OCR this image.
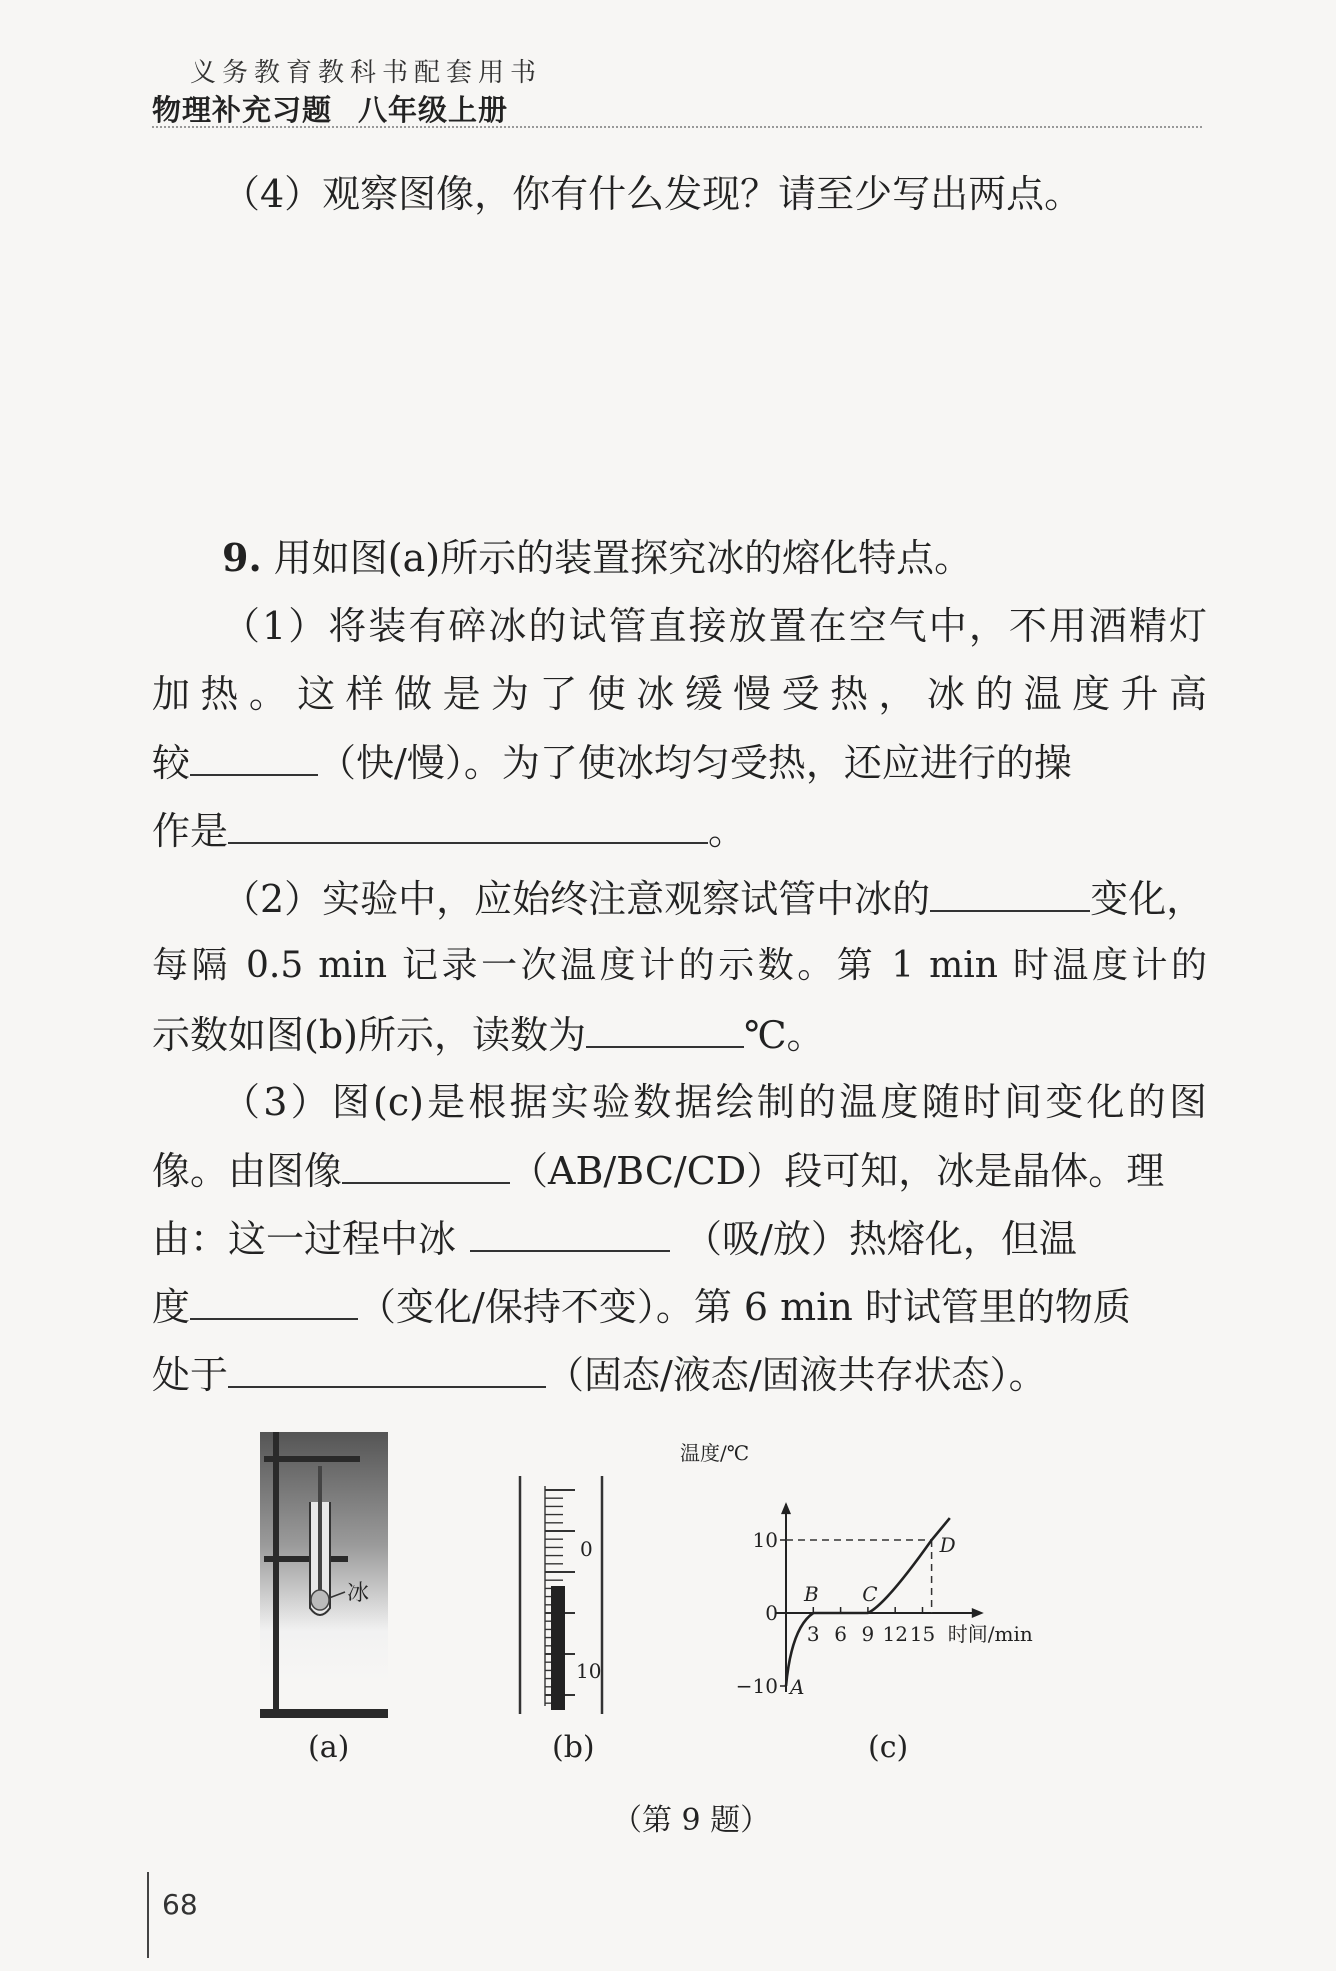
义务教育教科书配套用书
物理补充习题 八年级上册
（4）观察图像，你有什么发现？请至少写出两点。
9. 用如图(a)所示的装置探究冰的熔化特点。
（1）将装有碎冰的试管直接放置在空气中，不用酒精灯
加热。这样做是为了使冰缓慢受热，冰的温度升高
较	（快/慢）。为了使冰均匀受热，还应进行的操
作是	。
（2）实验中，应始终注意观察试管中冰的	变化，
每隔 0.5 min 记录一次温度计的示数。第 1 min 时温度计的
示数如图(b)所示，读数为	℃。
（3）图(c)是根据实验数据绘制的温度随时间变化的图
像。由图像	（AB/BC/CD）段可知，冰是晶体。理
由：这一过程中冰	（吸/放）热熔化，但温
度	（变化/保持不变）。第 6 min 时试管里的物质
处于	（固态/液态/固液共存状态）。
冰
(a)
0
10
(b)
温度/℃
时间/min
10
0
−10
3 6 9 12 15
A
B C
D
(c)
（第 9 题）
68
